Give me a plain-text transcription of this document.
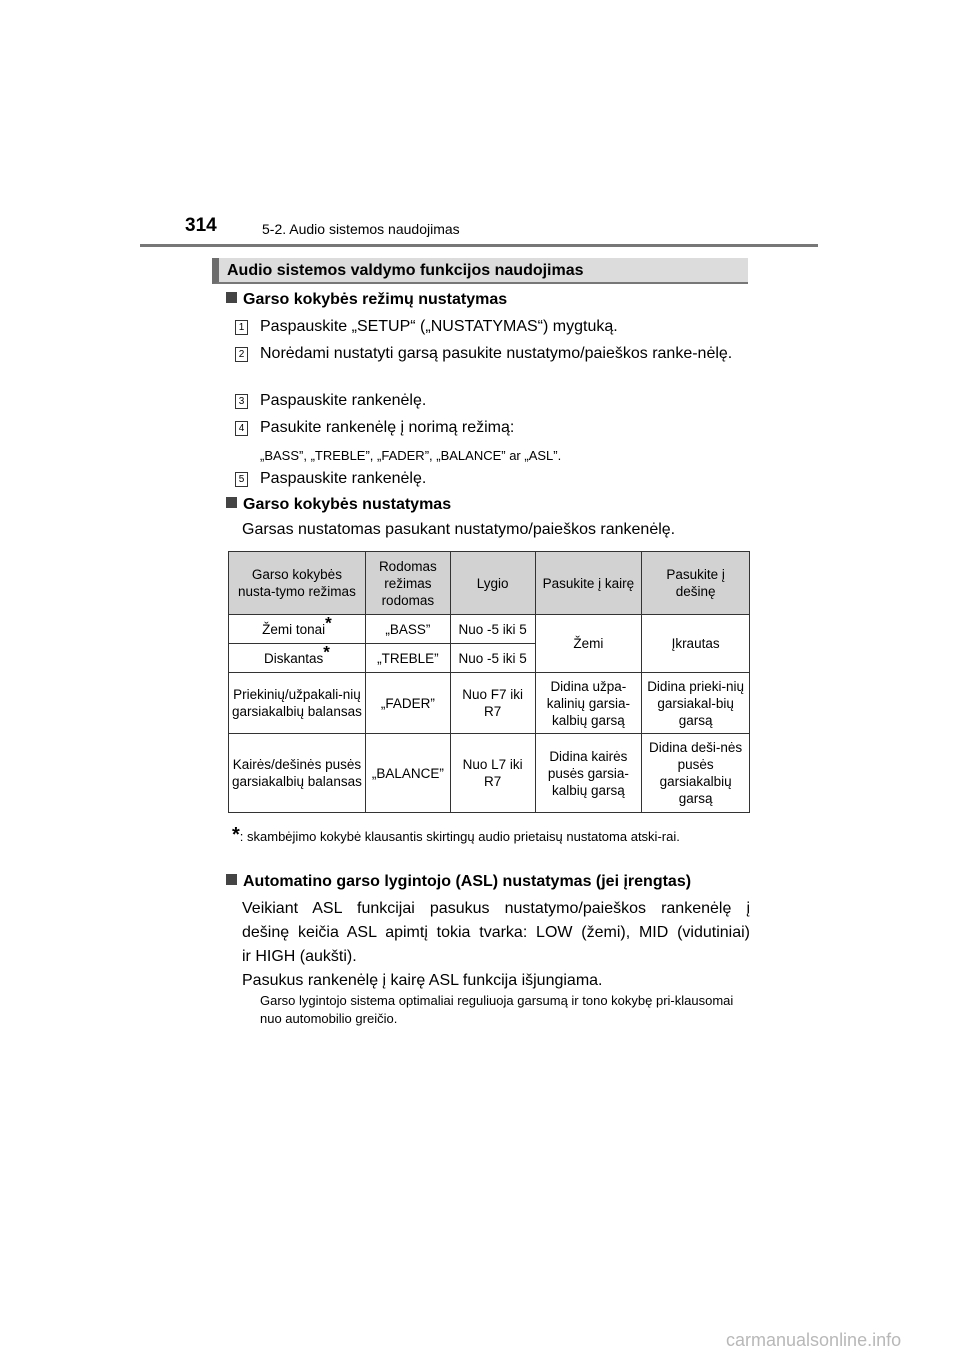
314	5-2. Audio sistemos naudojimas
Audio sistemos valdymo funkcijos naudojimas
Garso kokybės režimų nustatymas
1 Paspauskite „SETUP“ („NUSTATYMAS“) mygtuką.
2 Norėdami nustatyti garsą pasukite nustatymo/paieškos ranke-nėlę.
3 Paspauskite rankenėlę.
4 Pasukite rankenėlę į norimą režimą:
„BASS”, „TREBLE”, „FADER”, „BALANCE” ar „ASL”.
5 Paspauskite rankenėlę.
Garso kokybės nustatymas
Garsas nustatomas pasukant nustatymo/paieškos rankenėlę.
Garso kokybės nusta-tymo režimas	Rodomas režimas rodomas	Lygio	Pasukite į kairę	Pasukite į dešinę
Žemi tonai*	„BASS”	Nuo -5 iki 5	Žemi	Įkrautas
Diskantas*	„TREBLE”	Nuo -5 iki 5		
Priekinių/užpakali-nių garsiakalbių balansas	„FADER”	Nuo F7 iki R7	Didina užpa-kalinių garsia-kalbių garsą	Didina prieki-nių garsiakal-bių garsą
Kairės/dešinės pusės garsiakalbių balansas	„BALANCE”	Nuo L7 iki R7	Didina kairės pusės garsia-kalbių garsą	Didina deši-nės pusės garsiakalbių garsą
*: skambėjimo kokybė klausantis skirtingų audio prietaisų nustatoma atski-rai.
Automatino garso lygintojo (ASL) nustatymas (jei įrengtas)
Veikiant ASL funkcijai pasukus nustatymo/paieškos rankenėlę į
dešinę keičia ASL apimtį tokia tvarka: LOW (žemi), MID (vidutiniai)
ir HIGH (aukšti).
Pasukus rankenėlę į kairę ASL funkcija išjungiama.
Garso lygintojo sistema optimaliai reguliuoja garsumą ir tono kokybę pri-klausomai nuo automobilio greičio.
carmanualsonline.info
